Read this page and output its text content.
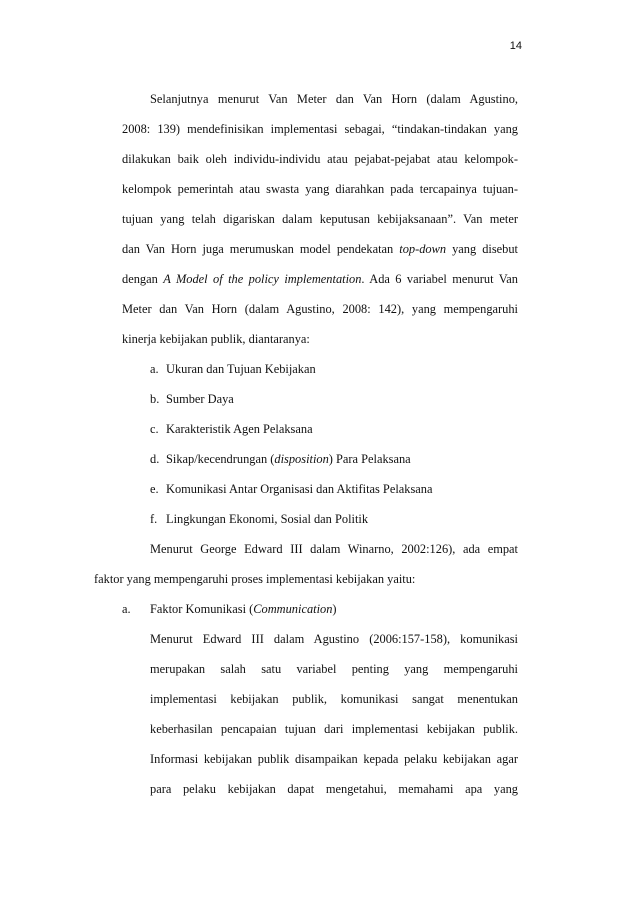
14
Selanjutnya menurut Van Meter dan Van Horn (dalam Agustino,
2008: 139) mendefinisikan implementasi sebagai, “tindakan-tindakan yang
dilakukan baik oleh individu-individu atau pejabat-pejabat atau kelompok-
kelompok pemerintah atau swasta yang diarahkan pada tercapainya tujuan-
tujuan yang telah digariskan dalam keputusan kebijaksanaan”. Van meter
dan Van Horn juga merumuskan model pendekatan top-down yang disebut
dengan A Model of the policy implementation. Ada 6 variabel menurut Van
Meter dan Van Horn (dalam Agustino, 2008: 142), yang mempengaruhi
kinerja kebijakan publik, diantaranya:
a. Ukuran dan Tujuan Kebijakan
b. Sumber Daya
c. Karakteristik Agen Pelaksana
d. Sikap/kecendrungan (disposition) Para Pelaksana
e. Komunikasi Antar Organisasi dan Aktifitas Pelaksana
f. Lingkungan Ekonomi, Sosial dan Politik
Menurut George Edward III dalam Winarno, 2002:126), ada empat
faktor yang mempengaruhi proses implementasi kebijakan yaitu:
a. Faktor Komunikasi (Communication)
Menurut Edward III dalam Agustino (2006:157-158), komunikasi
merupakan salah satu variabel penting yang mempengaruhi
implementasi kebijakan publik, komunikasi sangat menentukan
keberhasilan pencapaian tujuan dari implementasi kebijakan publik.
Informasi kebijakan publik disampaikan kepada pelaku kebijakan agar
para pelaku kebijakan dapat mengetahui, memahami apa yang
